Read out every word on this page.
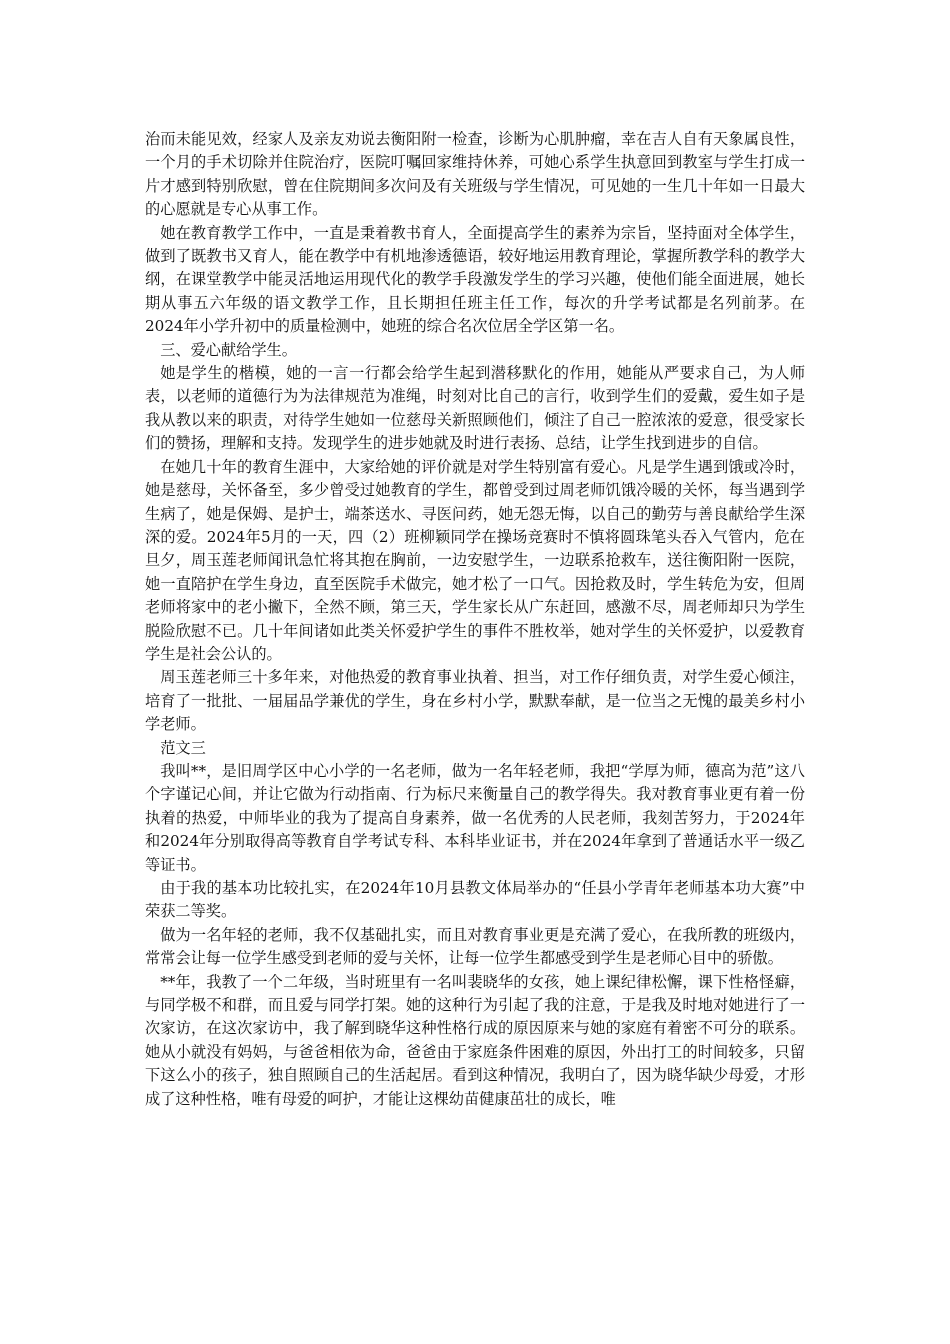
治而未能见效，经家人及亲友劝说去衡阳附一检查，诊断为心肌肿瘤，幸在吉人自有天象属良性，一个月的手术切除并住院治疗，医院叮嘱回家维持休养，可她心系学生执意回到教室与学生打成一片才感到特别欣慰，曾在住院期间多次问及有关班级与学生情况，可见她的一生几十年如一日最大的心愿就是专心从事工作。

她在教育教学工作中，一直是秉着教书育人，全面提高学生的素养为宗旨，坚持面对全体学生，做到了既教书又育人，能在教学中有机地渗透德语，较好地运用教育理论，掌握所教学科的教学大纲，在课堂教学中能灵活地运用现代化的教学手段激发学生的学习兴趣，使他们能全面进展，她长期从事五六年级的语文教学工作，且长期担任班主任工作，每次的升学考试都是名列前茅。在2024年小学升初中的质量检测中，她班的综合名次位居全学区第一名。

三、爱心献给学生。

她是学生的楷模，她的一言一行都会给学生起到潜移默化的作用，她能从严要求自己，为人师表，以老师的道德行为为法律规范为准绳，时刻对比自己的言行，收到学生们的爱戴，爱生如子是我从教以来的职责，对待学生她如一位慈母关新照顾他们，倾注了自己一腔浓浓的爱意，很受家长们的赞扬，理解和支持。发现学生的进步她就及时进行表扬、总结，让学生找到进步的自信。

在她几十年的教育生涯中，大家给她的评价就是对学生特别富有爱心。凡是学生遇到饿或冷时，她是慈母，关怀备至，多少曾受过她教育的学生，都曾受到过周老师饥饿冷暖的关怀，每当遇到学生病了，她是保姆、是护士，端茶送水、寻医问药，她无怨无悔，以自己的勤劳与善良献给学生深深的爱。2024年5月的一天，四（2）班柳颖同学在操场竞赛时不慎将圆珠笔头吞入气管内，危在旦夕，周玉莲老师闻讯急忙将其抱在胸前，一边安慰学生，一边联系抢救车，送往衡阳附一医院，她一直陪护在学生身边，直至医院手术做完，她才松了一口气。因抢救及时，学生转危为安，但周老师将家中的老小撇下，全然不顾，第三天，学生家长从广东赶回，感激不尽，周老师却只为学生脱险欣慰不已。几十年间诸如此类关怀爱护学生的事件不胜枚举，她对学生的关怀爱护，以爱教育学生是社会公认的。

周玉莲老师三十多年来，对他热爱的教育事业执着、担当，对工作仔细负责，对学生爱心倾注，培育了一批批、一届届品学兼优的学生，身在乡村小学，默默奉献，是一位当之无愧的最美乡村小学老师。

范文三

我叫**，是旧周学区中心小学的一名老师，做为一名年轻老师，我把“学厚为师，德高为范”这八个字谨记心间，并让它做为行动指南、行为标尺来衡量自己的教学得失。我对教育事业更有着一份执着的热爱，中师毕业的我为了提高自身素养，做一名优秀的人民老师，我刻苦努力，于2024年和2024年分别取得高等教育自学考试专科、本科毕业证书，并在2024年拿到了普通话水平一级乙等证书。

由于我的基本功比较扎实，在2024年10月县教文体局举办的“任县小学青年老师基本功大赛”中荣获二等奖。

做为一名年轻的老师，我不仅基础扎实，而且对教育事业更是充满了爱心，在我所教的班级内，常常会让每一位学生感受到老师的爱与关怀，让每一位学生都感受到学生是老师心目中的骄傲。

**年，我教了一个二年级，当时班里有一名叫裴晓华的女孩，她上课纪律松懈，课下性格怪癖，与同学极不和群，而且爱与同学打架。她的这种行为引起了我的注意，于是我及时地对她进行了一次家访，在这次家访中，我了解到晓华这种性格行成的原因原来与她的家庭有着密不可分的联系。她从小就没有妈妈，与爸爸相依为命，爸爸由于家庭条件困难的原因，外出打工的时间较多，只留下这么小的孩子，独自照顾自己的生活起居。看到这种情况，我明白了，因为晓华缺少母爱，才形成了这种性格，唯有母爱的呵护，才能让这棵幼苗健康茁壮的成长，唯
